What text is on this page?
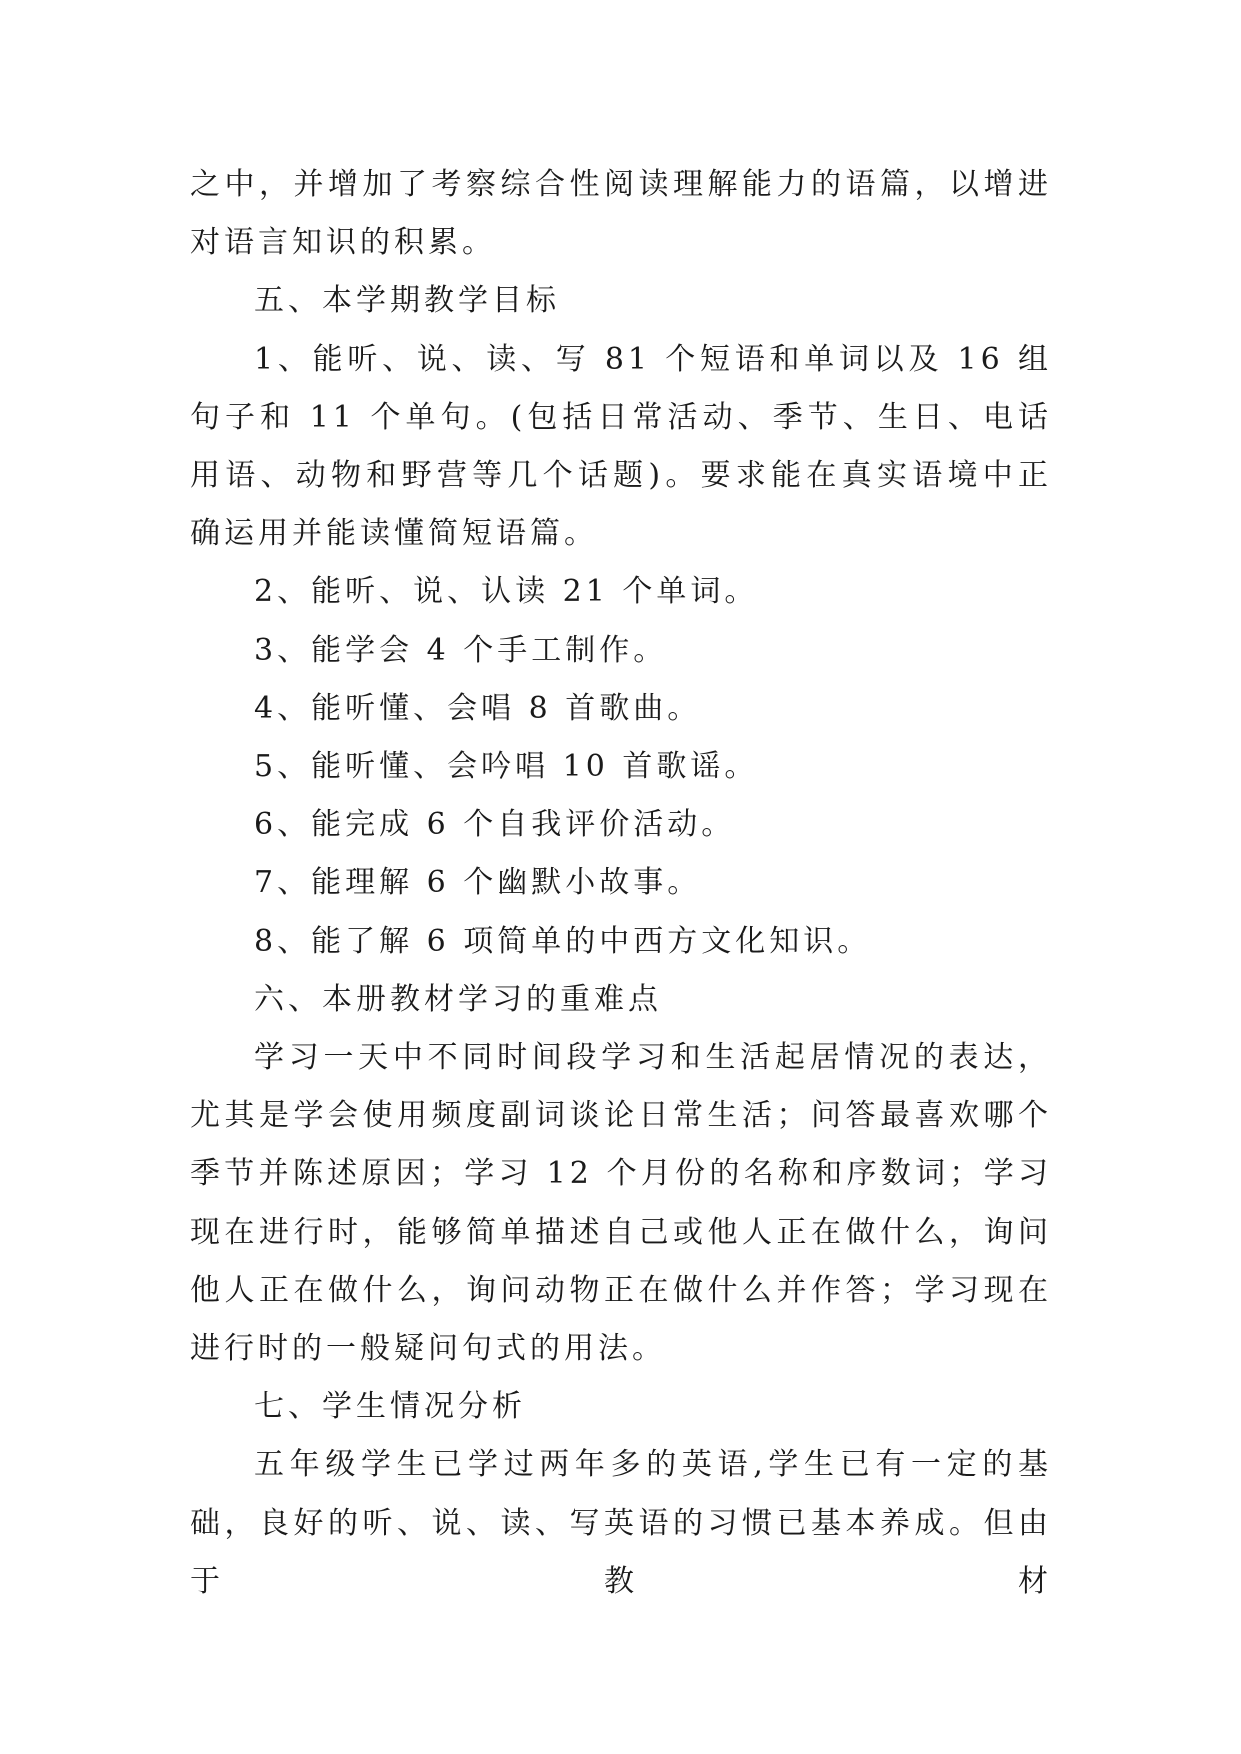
之中，并增加了考察综合性阅读理解能力的语篇，以增进对语言知识的积累。

五、本学期教学目标

1、能听、说、读、写 81 个短语和单词以及 16 组句子和 11 个单句。(包括日常活动、季节、生日、电话用语、动物和野营等几个话题)。要求能在真实语境中正确运用并能读懂简短语篇。

2、能听、说、认读 21 个单词。

3、能学会 4 个手工制作。

4、能听懂、会唱 8 首歌曲。

5、能听懂、会吟唱 10 首歌谣。

6、能完成 6 个自我评价活动。

7、能理解 6 个幽默小故事。

8、能了解 6 项简单的中西方文化知识。

六、本册教材学习的重难点

学习一天中不同时间段学习和生活起居情况的表达，尤其是学会使用频度副词谈论日常生活；问答最喜欢哪个季节并陈述原因；学习 12 个月份的名称和序数词；学习现在进行时，能够简单描述自己或他人正在做什么，询问他人正在做什么，询问动物正在做什么并作答；学习现在进行时的一般疑问句式的用法。

七、学生情况分析

五年级学生已学过两年多的英语,学生已有一定的基础，良好的听、说、读、写英语的习惯已基本养成。但由于教材
